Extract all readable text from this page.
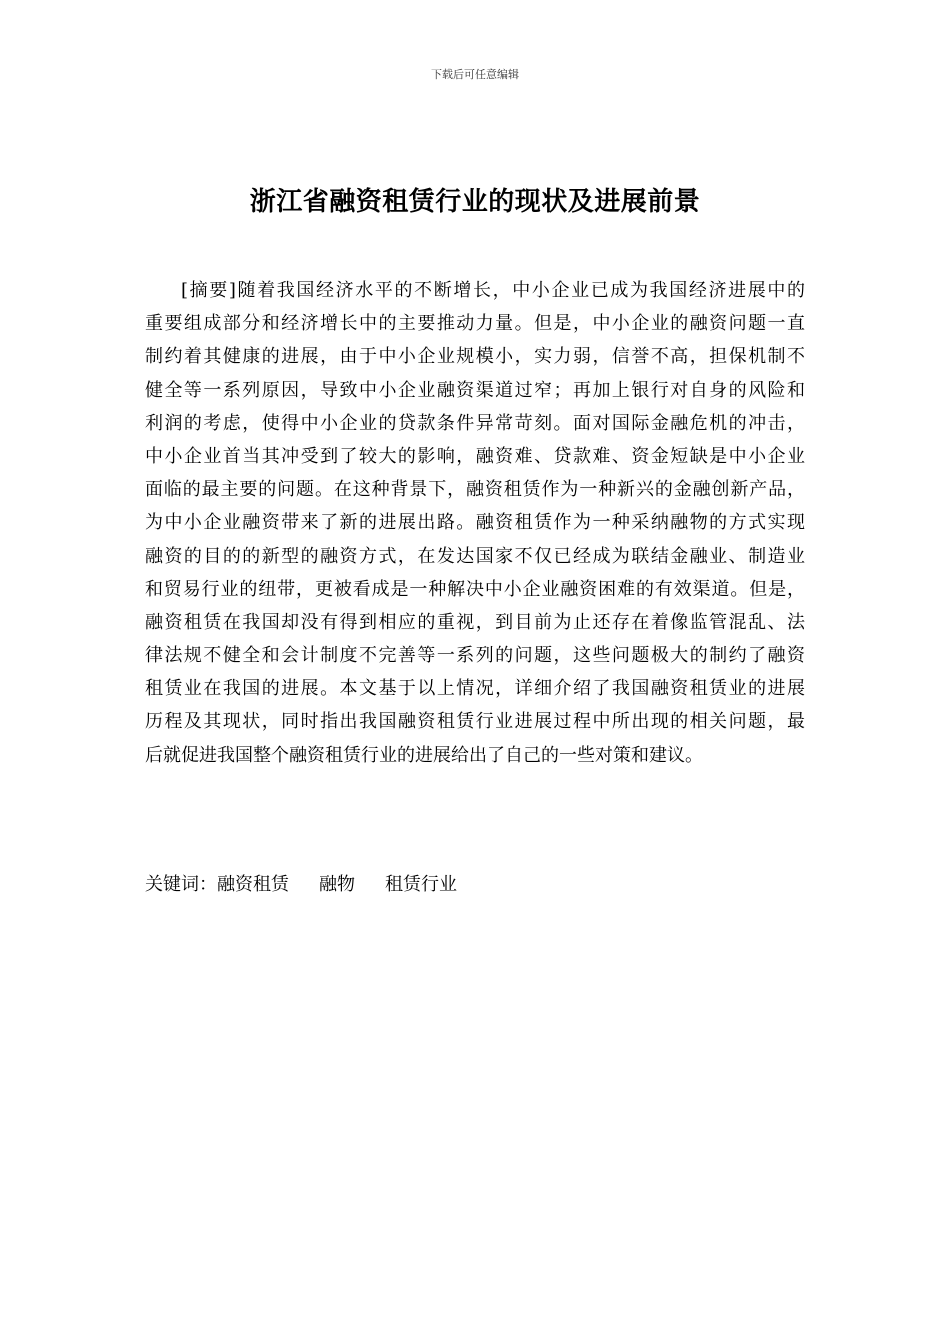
下载后可任意编辑
浙江省融资租赁行业的现状及进展前景
[摘要]随着我国经济水平的不断增长，中小企业已成为我国经济进展中的
重要组成部分和经济增长中的主要推动力量。但是，中小企业的融资问题一直
制约着其健康的进展，由于中小企业规模小，实力弱，信誉不高，担保机制不
健全等一系列原因，导致中小企业融资渠道过窄；再加上银行对自身的风险和
利润的考虑，使得中小企业的贷款条件异常苛刻。面对国际金融危机的冲击，
中小企业首当其冲受到了较大的影响，融资难、贷款难、资金短缺是中小企业
面临的最主要的问题。在这种背景下，融资租赁作为一种新兴的金融创新产品，
为中小企业融资带来了新的进展出路。融资租赁作为一种采纳融物的方式实现
融资的目的的新型的融资方式，在发达国家不仅已经成为联结金融业、制造业
和贸易行业的纽带，更被看成是一种解决中小企业融资困难的有效渠道。但是，
融资租赁在我国却没有得到相应的重视，到目前为止还存在着像监管混乱、法
律法规不健全和会计制度不完善等一系列的问题，这些问题极大的制约了融资
租赁业在我国的进展。本文基于以上情况，详细介绍了我国融资租赁业的进展
历程及其现状，同时指出我国融资租赁行业进展过程中所出现的相关问题，最
后就促进我国整个融资租赁行业的进展给出了自己的一些对策和建议。
关键词：融资租赁 融物 租赁行业
